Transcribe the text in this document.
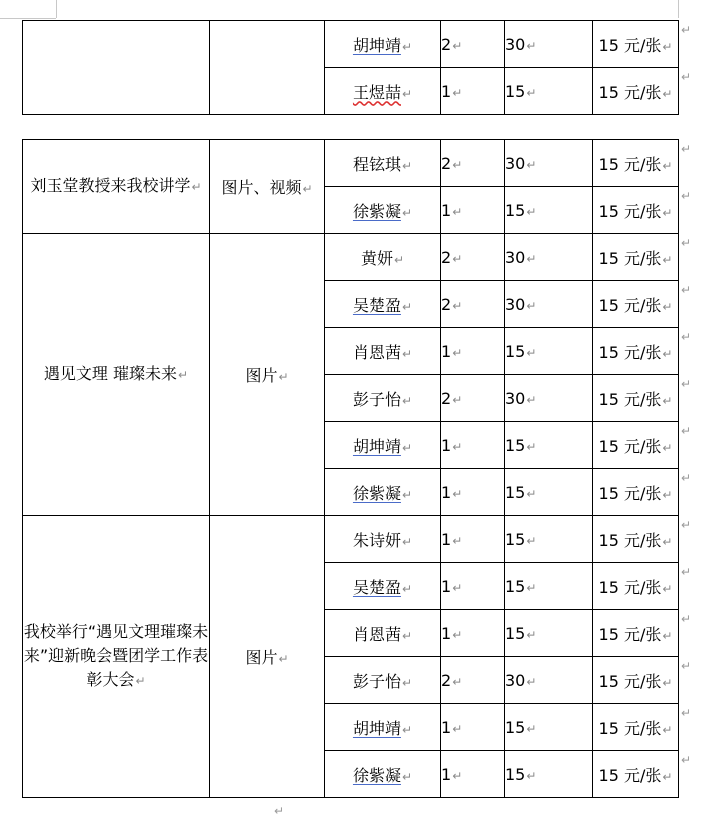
		胡坤靖↵	2↵	30↵	15 元/张↵
		王煜喆↵	1↵	15↵	15 元/张↵
刘玉堂教授来我校讲学↵	图片、视频↵	程铉琪↵	2↵	30↵	15 元/张↵
		徐紫凝↵	1↵	15↵	15 元/张↵
遇见文理 璀璨未来↵	图片↵	黄妍↵	2↵	30↵	15 元/张↵
		吴楚盈↵	2↵	30↵	15 元/张↵
		肖恩茜↵	1↵	15↵	15 元/张↵
		彭子怡↵	2↵	30↵	15 元/张↵
		胡坤靖↵	1↵	15↵	15 元/张↵
		徐紫凝↵	1↵	15↵	15 元/张↵
我校举行“遇见文理璀璨未来”迎新晚会暨团学工作表彰大会↵	图片↵	朱诗妍↵	1↵	15↵	15 元/张↵
		吴楚盈↵	1↵	15↵	15 元/张↵
		肖恩茜↵	1↵	15↵	15 元/张↵
		彭子怡↵	2↵	30↵	15 元/张↵
		胡坤靖↵	1↵	15↵	15 元/张↵
		徐紫凝↵	1↵	15↵	15 元/张↵
↵
↵
↵
↵
↵
↵
↵
↵
↵
↵
↵
↵
↵
↵
↵
↵
↵
